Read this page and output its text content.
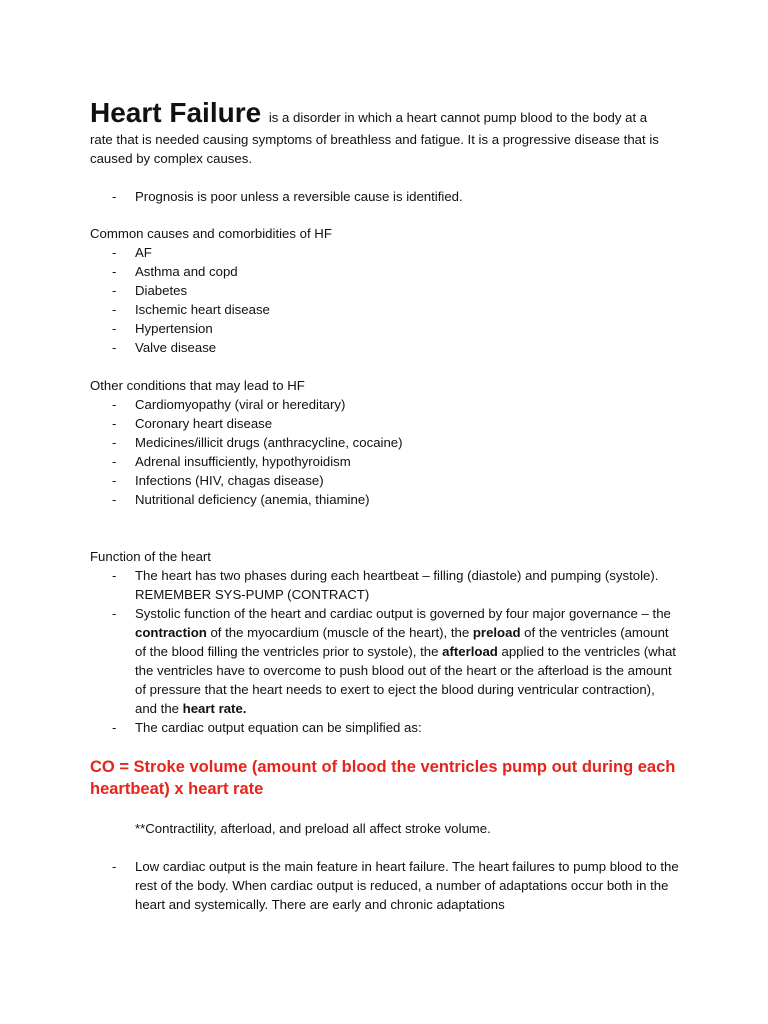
Heart Failure is a disorder in which a heart cannot pump blood to the body at a

rate that is needed causing symptoms of breathless and fatigue. It is a progressive disease that is caused by complex causes.

- Prognosis is poor unless a reversible cause is identified.

Common causes and comorbidities of HF

- AF
- Asthma and copd
- Diabetes
- Ischemic heart disease
- Hypertension
- Valve disease

Other conditions that may lead to HF

- Cardiomyopathy (viral or hereditary)
- Coronary heart disease
- Medicines/illicit drugs (anthracycline, cocaine)
- Adrenal insufficiently, hypothyroidism
- Infections (HIV, chagas disease)
- Nutritional deficiency (anemia, thiamine)

Function of the heart

- The heart has two phases during each heartbeat – filling (diastole) and pumping (systole). REMEMBER SYS-PUMP (CONTRACT)
- Systolic function of the heart and cardiac output is governed by four major governance – the contraction of the myocardium (muscle of the heart), the preload of the ventricles (amount of the blood filling the ventricles prior to systole), the afterload applied to the ventricles (what the ventricles have to overcome to push blood out of the heart or the afterload is the amount of pressure that the heart needs to exert to eject the blood during ventricular contraction), and the heart rate.
- The cardiac output equation can be simplified as:

CO = Stroke volume (amount of blood the ventricles pump out during each heartbeat) x heart rate

**Contractility, afterload, and preload all affect stroke volume.

- Low cardiac output is the main feature in heart failure. The heart failures to pump blood to the rest of the body. When cardiac output is reduced, a number of adaptations occur both in the heart and systemically. There are early and chronic adaptations
